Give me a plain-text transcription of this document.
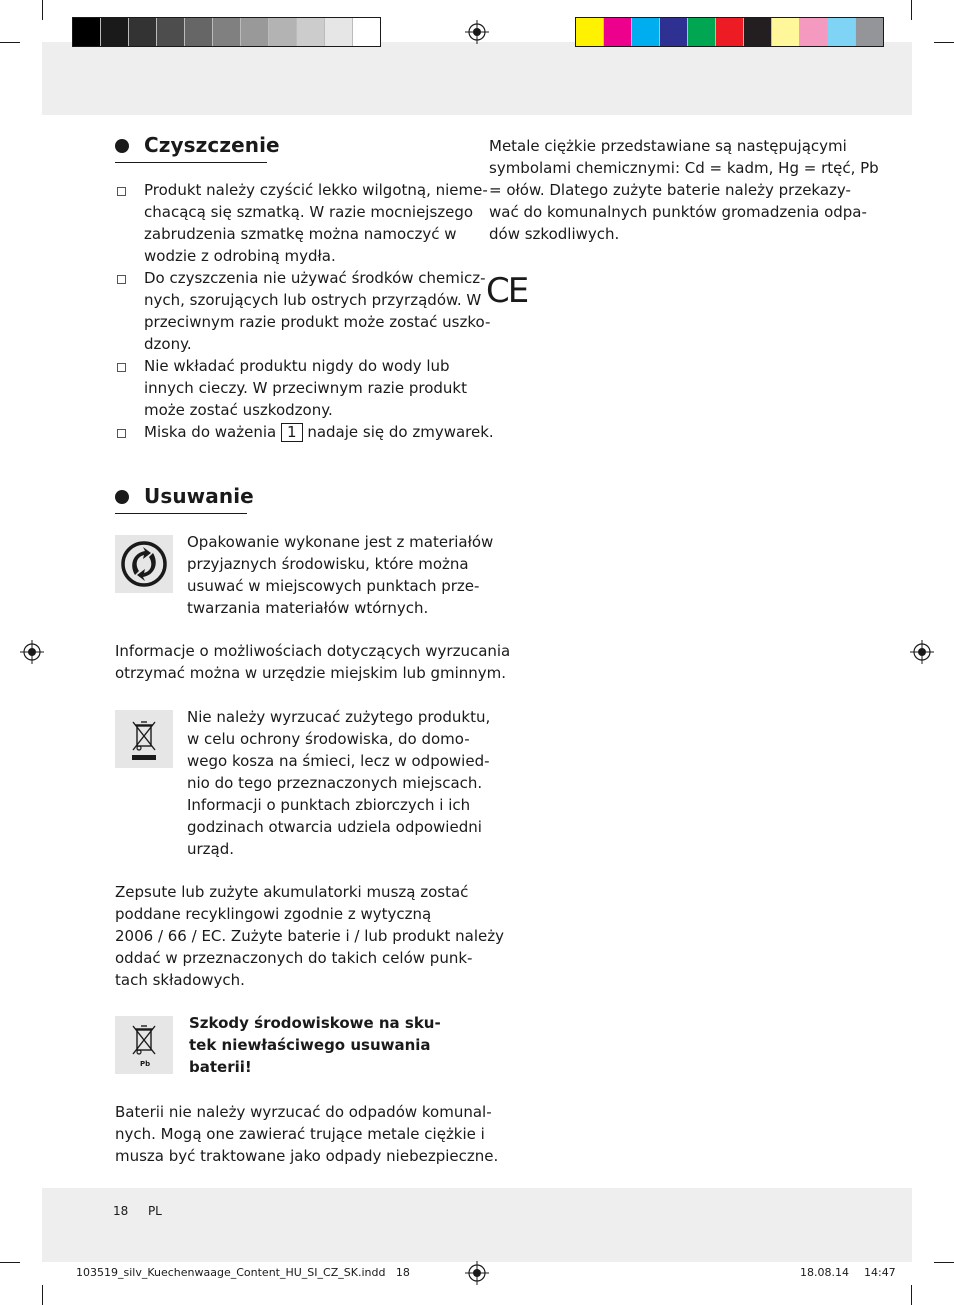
Czyszczenie
Produkt należy czyścić lekko wilgotną, nieme-
chacącą się szmatką. W razie mocniejszego
zabrudzenia szmatkę można namoczyć w
wodzie z odrobiną mydła.
Do czyszczenia nie używać środków chemicz-
nych, szorujących lub ostrych przyrządów. W
przeciwnym razie produkt może zostać uszko-
dzony.
Nie wkładać produktu nigdy do wody lub
innych cieczy. W przeciwnym razie produkt
może zostać uszkodzony.
Miska do ważenia 1 nadaje się do zmywarek.
Usuwanie
Opakowanie wykonane jest z materiałów
przyjaznych środowisku, które można
usuwać w miejscowych punktach prze-
twarzania materiałów wtórnych.
Informacje o możliwościach dotyczących wyrzucania
otrzymać można w urzędzie miejskim lub gminnym.
Nie należy wyrzucać zużytego produktu,
w celu ochrony środowiska, do domo-
wego kosza na śmieci, lecz w odpowied-
nio do tego przeznaczonych miejscach.
Informacji o punktach zbiorczych i ich
godzinach otwarcia udziela odpowiedni
urząd.
Zepsute lub zużyte akumulatorki muszą zostać
poddane recyklingowi zgodnie z wytyczną
2006 / 66 / EC. Zużyte baterie i / lub produkt należy
oddać w przeznaczonych do takich celów punk-
tach składowych.
Pb
Szkody środowiskowe na sku-
tek niewłaściwego usuwania
baterii!
Baterii nie należy wyrzucać do odpadów komunal-
nych. Mogą one zawierać trujące metale ciężkie i
musza być traktowane jako odpady niebezpieczne.
Metale ciężkie przedstawiane są następującymi
symbolami chemicznymi: Cd = kadm, Hg = rtęć, Pb
= ołów. Dlatego zużyte baterie należy przekazy-
wać do komunalnych punktów gromadzenia odpa-
dów szkodliwych.
CE
18 PL
103519_silv_Kuechenwaage_Content_HU_SI_CZ_SK.indd   18	18.08.14 14:47
